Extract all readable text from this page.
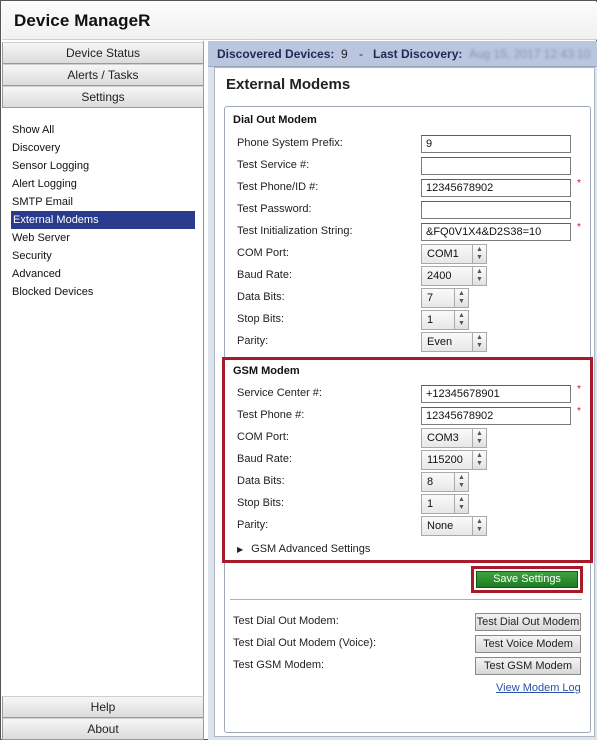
Device ManageR
Device Status
Alerts / Tasks
Settings
Show All
Discovery
Sensor Logging
Alert Logging
SMTP Email
External Modems
Web Server
Security
Advanced
Blocked Devices
Help
About
Discovered Devices: 9 - Last Discovery: Aug 15, 2017 12:43:10
External Modems
Dial Out Modem
Phone System Prefix:	9
Test Service #:
Test Phone/ID #:	12345678902	*
Test Password:
Test Initialization String:	&FQ0V1X4&D2S38=10	*
COM Port:	COM1	▲
▼
Baud Rate:	2400	▲
▼
Data Bits:	7	▲
▼
Stop Bits:	1	▲
▼
Parity:	Even	▲
▼
GSM Modem
Service Center #:	+12345678901	*
Test Phone #:	12345678902	*
COM Port:	COM3	▲
▼
Baud Rate:	115200	▲
▼
Data Bits:	8	▲
▼
Stop Bits:	1	▲
▼
Parity:	None	▲
▼
▶ GSM Advanced Settings
Save Settings
Test Dial Out Modem:	Test Dial Out Modem
Test Dial Out Modem (Voice):	Test Voice Modem
Test GSM Modem:	Test GSM Modem
View Modem Log
